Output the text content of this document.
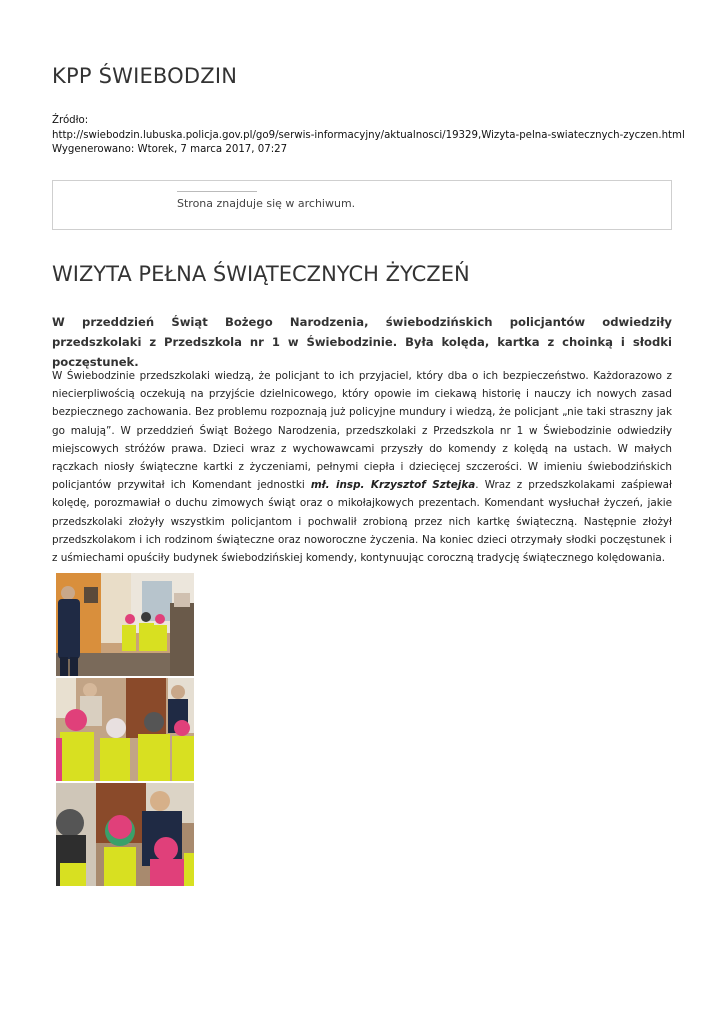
KPP ŚWIEBODZIN
Źródło:
http://swiebodzin.lubuska.policja.gov.pl/go9/serwis-informacyjny/aktualnosci/19329,Wizyta-pelna-swiatecznych-zyczen.html
Wygenerowano: Wtorek, 7 marca 2017, 07:27
Strona znajduje się w archiwum.
WIZYTA PEŁNA ŚWIĄTECZNYCH ŻYCZEŃ

W przeddzień Świąt Bożego Narodzenia, świebodzińskich policjantów odwiedziły przedszkolaki z Przedszkola nr 1 w Świebodzinie. Była kolęda, kartka z choinką i słodki poczęstunek.

W Świebodzinie przedszkolaki wiedzą, że policjant to ich przyjaciel, który dba o ich bezpieczeństwo. Każdorazowo z niecierpliwością oczekują na przyjście dzielnicowego, który opowie im ciekawą historię i nauczy ich nowych zasad bezpiecznego zachowania. Bez problemu rozpoznają już policyjne mundury i wiedzą, że policjant „nie taki straszny jak go malują”. W przeddzień Świąt Bożego Narodzenia, przedszkolaki z Przedszkola nr 1 w Świebodzinie odwiedziły miejscowych stróżów prawa. Dzieci wraz z wychowawcami przyszły do komendy z kolędą na ustach. W małych rączkach niosły świąteczne kartki z życzeniami, pełnymi ciepła i dziecięcej szczerości. W imieniu świebodzińskich policjantów przywitał ich Komendant jednostki mł. insp. Krzysztof Sztejka. Wraz z przedszkolakami zaśpiewał kolędę, porozmawiał o duchu zimowych świąt oraz o mikołajkowych prezentach. Komendant wysłuchał życzeń, jakie przedszkolaki złożyły wszystkim policjantom i pochwalił zrobioną przez nich kartkę świąteczną. Następnie złożył przedszkolakom i ich rodzinom świąteczne oraz noworoczne życzenia. Na koniec dzieci otrzymały słodki poczęstunek i z uśmiechami opuściły budynek świebodzińskiej komendy, kontynuując coroczną tradycję świątecznego kolędowania.
